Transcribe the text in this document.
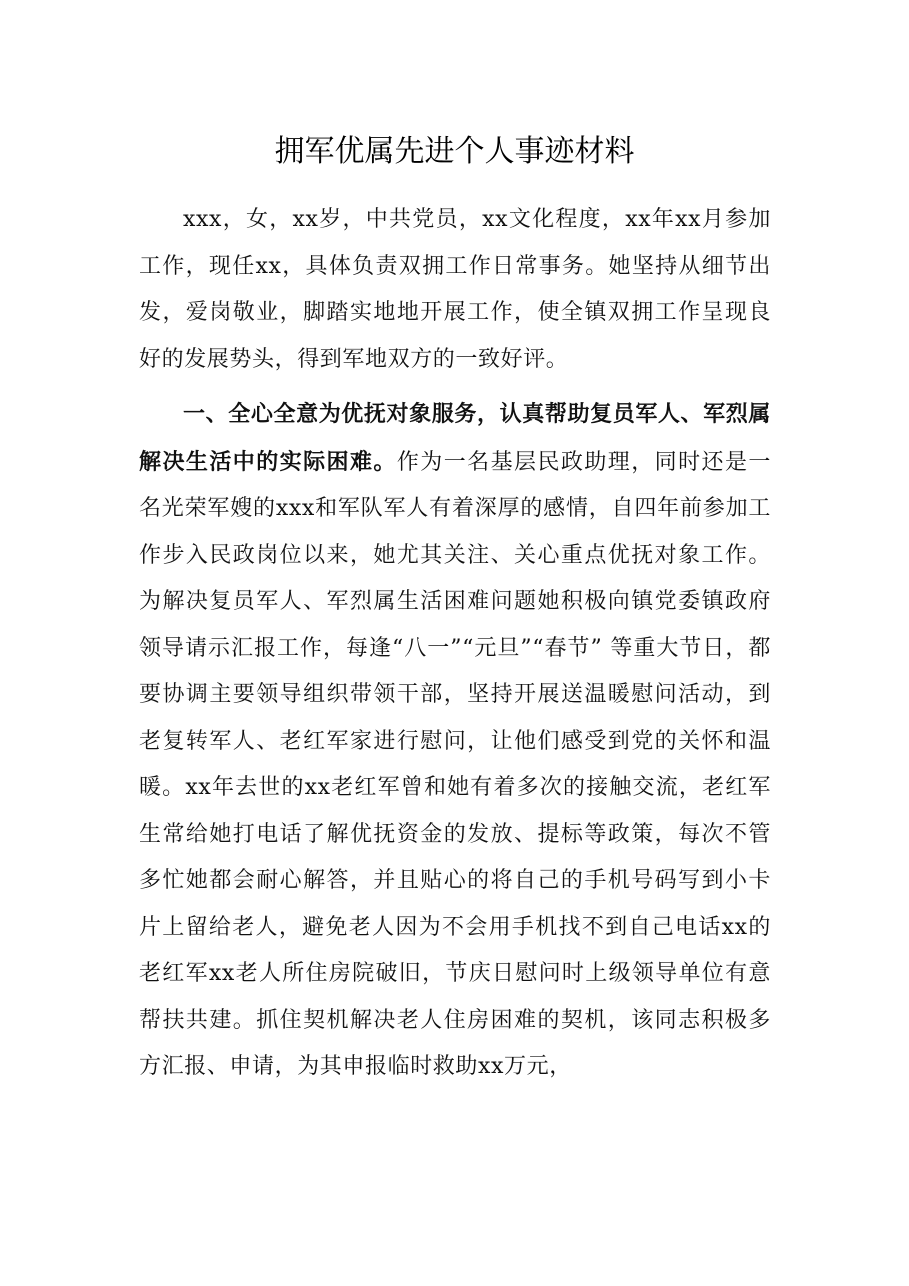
拥军优属先进个人事迹材料

xxx，女，xx岁，中共党员，xx文化程度，xx年xx月参加工作，现任xx，具体负责双拥工作日常事务。她坚持从细节出发，爱岗敬业，脚踏实地地开展工作，使全镇双拥工作呈现良好的发展势头，得到军地双方的一致好评。

一、全心全意为优抚对象服务，认真帮助复员军人、军烈属解决生活中的实际困难。作为一名基层民政助理，同时还是一名光荣军嫂的xxx和军队军人有着深厚的感情，自四年前参加工作步入民政岗位以来，她尤其关注、关心重点优抚对象工作。为解决复员军人、军烈属生活困难问题她积极向镇党委镇政府领导请示汇报工作，每逢“八一”“元旦”“春节” 等重大节日，都要协调主要领导组织带领干部，坚持开展送温暖慰问活动，到老复转军人、老红军家进行慰问，让他们感受到党的关怀和温暖。xx年去世的xx老红军曾和她有着多次的接触交流，老红军生常给她打电话了解优抚资金的发放、提标等政策，每次不管多忙她都会耐心解答，并且贴心的将自己的手机号码写到小卡片上留给老人，避免老人因为不会用手机找不到自己电话xx的老红军xx老人所住房院破旧，节庆日慰问时上级领导单位有意帮扶共建。抓住契机解决老人住房困难的契机，该同志积极多方汇报、申请，为其申报临时救助xx万元，
